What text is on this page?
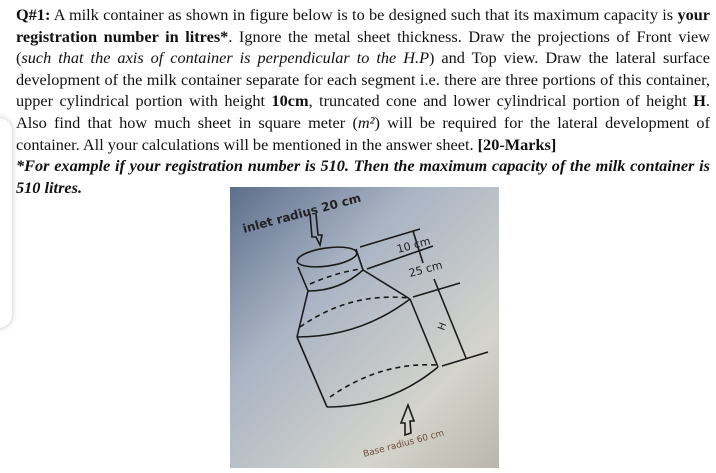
Q#1: A milk container as shown in figure below is to be designed such that its maximum capacity is your registration number in litres*. Ignore the metal sheet thickness. Draw the projections of Front view (such that the axis of container is perpendicular to the H.P) and Top view. Draw the lateral surface development of the milk container separate for each segment i.e. there are three portions of this container, upper cylindrical portion with height 10cm, truncated cone and lower cylindrical portion of height H. Also find that how much sheet in square meter (m²) will be required for the lateral development of container. All your calculations will be mentioned in the answer sheet. [20-Marks]

*For example if your registration number is 510. Then the maximum capacity of the milk container is 510 litres.

inlet radius 20 cm
10 cm
25 cm
H
Base radius 60 cm
